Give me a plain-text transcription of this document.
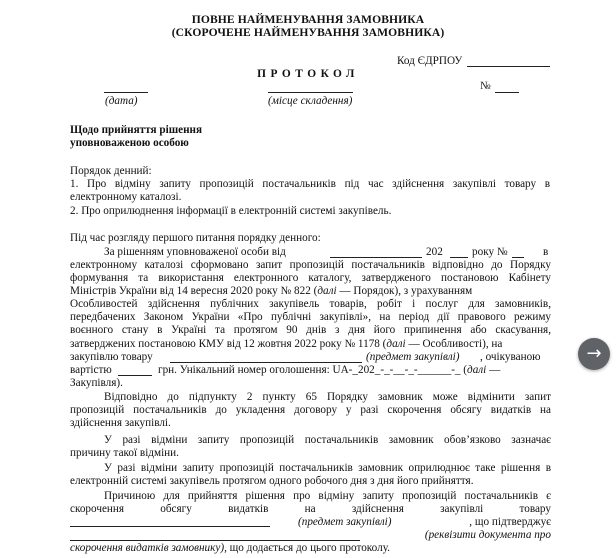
ПОВНЕ НАЙМЕНУВАННЯ ЗАМОВНИКА
(СКОРОЧЕНЕ НАЙМЕНУВАННЯ ЗАМОВНИКА)
Код ЄДРПОУ
ПРОТОКОЛ
№
(дата)	(місце складення)
Щодо прийняття рішення
уповноваженою особою
Порядок денний:
1. Про відміну запиту пропозицій постачальників під час здійснення закупівлі товару в
електронному каталозі.
2. Про оприлюднення інформації в електронній системі закупівель.
Під час розгляду першого питання порядку денного:
За рішенням уповноваженої особи від	202	року №	в
електронному каталозі сформовано запит пропозицій постачальників відповідно до Порядку
формування та використання електронного каталогу, затвердженого постановою Кабінету
Міністрів України від 14 вересня 2020 року № 822 (далі — Порядок), з урахуванням
Особливостей здійснення публічних закупівель товарів, робіт і послуг для замовників,
передбачених Законом України «Про публічні закупівлі», на період дії правового режиму
воєнного стану в Україні та протягом 90 днів з дня його припинення або скасування,
затверджених постановою КМУ від 12 жовтня 2022 року № 1178 (далі — Особливості), на
закупівлю товару	(предмет закупівлі) , очікуваною
вартістю	грн. Унікальний номер оголошення: UA-_202_-_-__-_-______-_ (далі —
Закупівля).
Відповідно до підпункту 2 пункту 65 Порядку замовник може відмінити запит
пропозицій постачальників до укладення договору у разі скорочення обсягу видатків на
здійснення закупівлі.
У разі відміни запиту пропозицій постачальників замовник обов’язково зазначає
причину такої відміни.
У разі відміни запиту пропозицій постачальників замовник оприлюднює таке рішення в
електронній системі закупівель протягом одного робочого дня з дня його прийняття.
Причиною для прийняття рішення про відміну запиту пропозицій постачальників є
скорочення	обсягу	видатків	на	здійснення	закупівлі	товару
(предмет закупівлі)	, що підтверджує
(реквізити документа про
скорочення видатків замовнику), що додається до цього протоколу.
→
